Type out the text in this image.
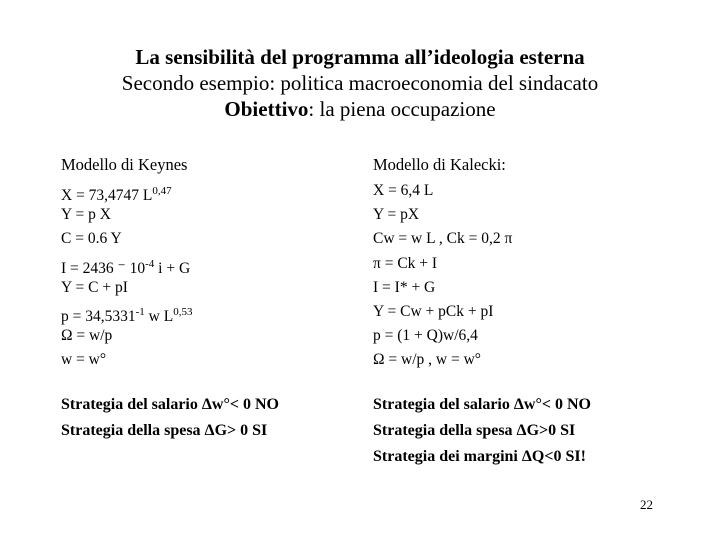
La sensibilità del programma all’ideologia esterna
Secondo esempio: politica macroeconomia del sindacato
Obiettivo: la piena occupazione
Modello di Keynes
X = 73,4747 L$^{0,47}$
Y = p X
C = 0.6 Y
I = 2436 ⁻ $10^{-4}$ i + G
Y = C + pI
$p = 34,5331^{-1}$ w L$^{0,53}$
Ω = w/p
w = w°
Strategia del salario Δw°< 0 NO
Strategia della spesa ΔG> 0 SI
Modello di Kalecki:
X = 6,4 L
Y = pX
Cw = w L , Ck = 0,2 π
π = Ck + I
I = I* + G
Y = Cw + pCk + pI
p = (1 + Q)w/6,4
Ω = w/p , w = w°
Strategia del salario Δw°< 0 NO
Strategia della spesa ΔG>0 SI
Strategia dei margini ΔQ<0 SI!
22
